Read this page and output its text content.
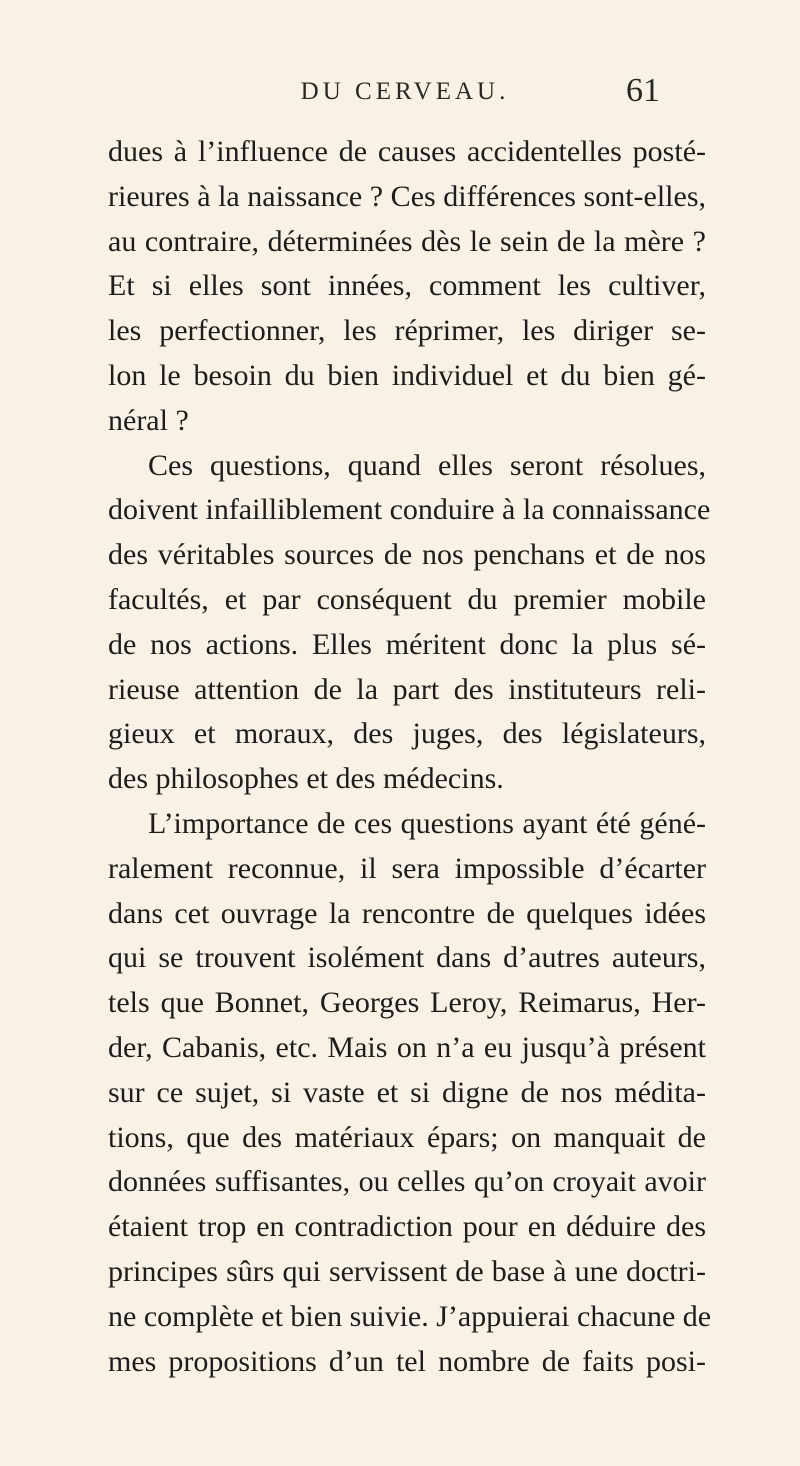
DU CERVEAU.	61
dues à l’influence de causes accidentelles posté-
rieures à la naissance ? Ces différences sont-elles,
au contraire, déterminées dès le sein de la mère ?
Et si elles sont innées, comment les cultiver,
les perfectionner, les réprimer, les diriger se-
lon le besoin du bien individuel et du bien gé-
néral ?
Ces questions, quand elles seront résolues,
doivent infailliblement conduire à la connaissance
des véritables sources de nos penchans et de nos
facultés, et par conséquent du premier mobile
de nos actions. Elles méritent donc la plus sé-
rieuse attention de la part des instituteurs reli-
gieux et moraux, des juges, des législateurs,
des philosophes et des médecins.
L’importance de ces questions ayant été géné-
ralement reconnue, il sera impossible d’écarter
dans cet ouvrage la rencontre de quelques idées
qui se trouvent isolément dans d’autres auteurs,
tels que Bonnet, Georges Leroy, Reimarus, Her-
der, Cabanis, etc. Mais on n’a eu jusqu’à présent
sur ce sujet, si vaste et si digne de nos médita-
tions, que des matériaux épars; on manquait de
données suffisantes, ou celles qu’on croyait avoir
étaient trop en contradiction pour en déduire des
principes sûrs qui servissent de base à une doctri-
ne complète et bien suivie. J’appuierai chacune de
mes propositions d’un tel nombre de faits posi-
